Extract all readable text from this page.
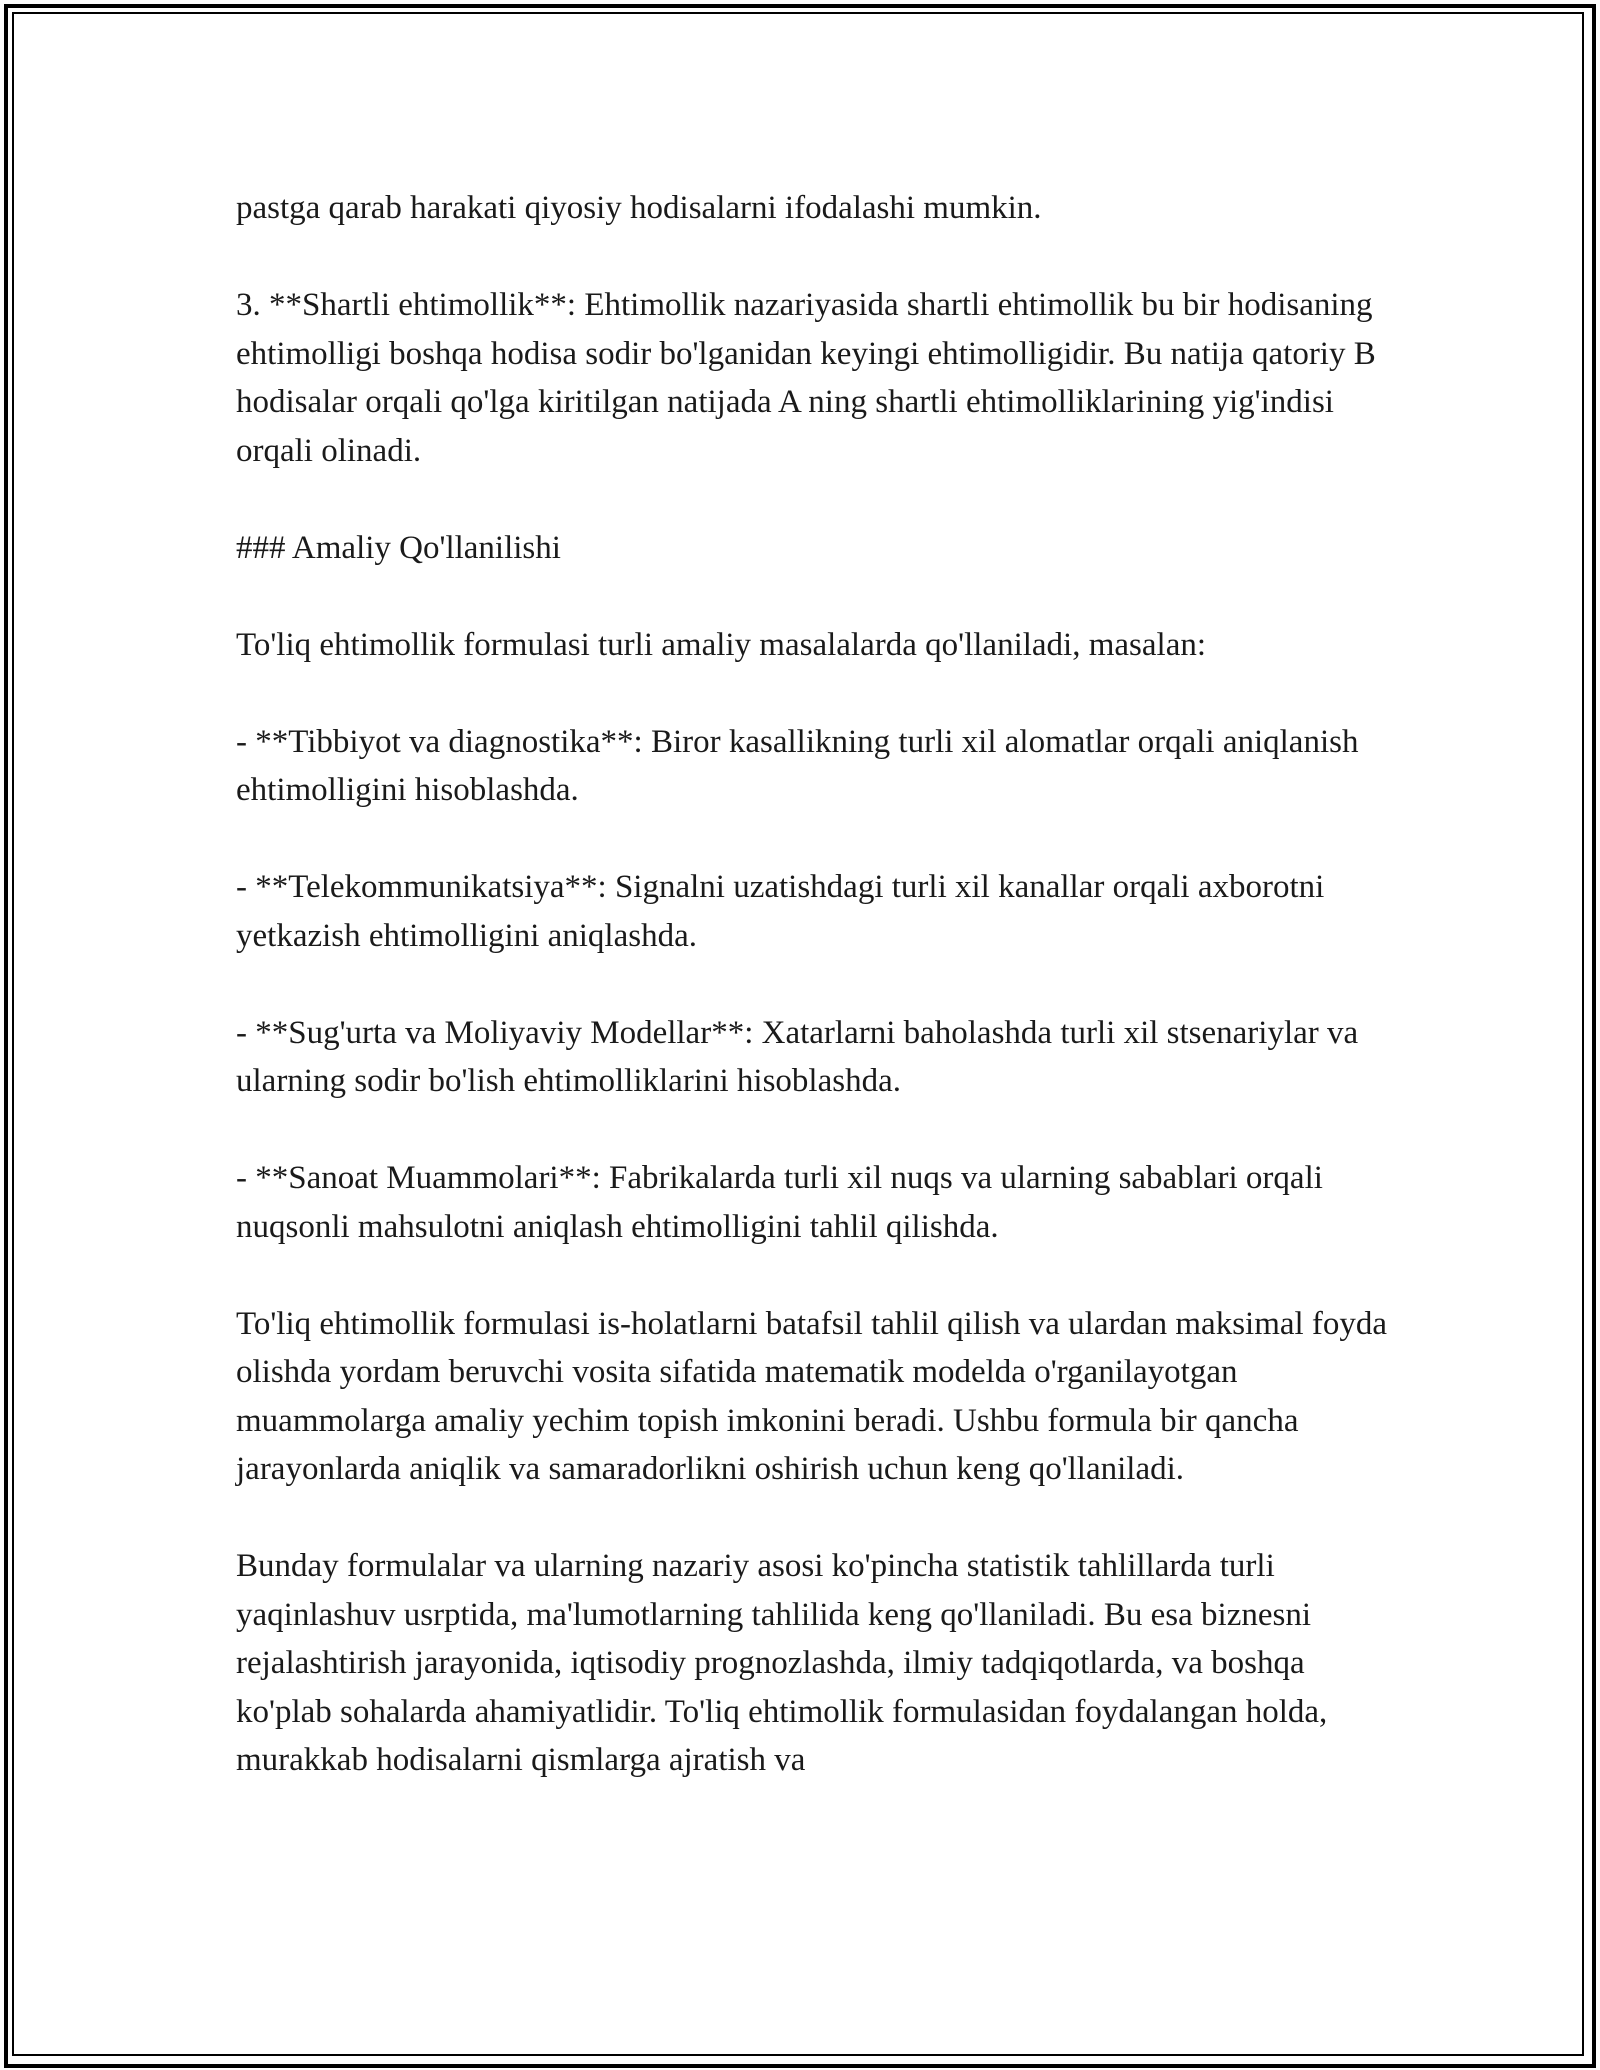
pastga qarab harakati qiyosiy hodisalarni ifodalashi mumkin.

3. **Shartli ehtimollik**: Ehtimollik nazariyasida shartli ehtimollik bu bir hodisaning ehtimolligi boshqa hodisa sodir bo'lganidan keyingi ehtimolligidir. Bu natija qatoriy B hodisalar orqali qo'lga kiritilgan natijada A ning shartli ehtimolliklarining yig'indisi orqali olinadi.

### Amaliy Qo'llanilishi

To'liq ehtimollik formulasi turli amaliy masalalarda qo'llaniladi, masalan:

- **Tibbiyot va diagnostika**: Biror kasallikning turli xil alomatlar orqali aniqlanish ehtimolligini hisoblashda.

- **Telekommunikatsiya**: Signalni uzatishdagi turli xil kanallar orqali axborotni yetkazish ehtimolligini aniqlashda.

- **Sug'urta va Moliyaviy Modellar**: Xatarlarni baholashda turli xil stsenariylar va ularning sodir bo'lish ehtimolliklarini hisoblashda.

- **Sanoat Muammolari**: Fabrikalarda turli xil nuqs va ularning sabablari orqali nuqsonli mahsulotni aniqlash ehtimolligini tahlil qilishda.

To'liq ehtimollik formulasi is-holatlarni batafsil tahlil qilish va ulardan maksimal foyda olishda yordam beruvchi vosita sifatida matematik modelda o'rganilayotgan muammolarga amaliy yechim topish imkonini beradi. Ushbu formula bir qancha jarayonlarda aniqlik va samaradorlikni oshirish uchun keng qo'llaniladi.

Bunday formulalar va ularning nazariy asosi ko'pincha statistik tahlillarda turli yaqinlashuv usrptida, ma'lumotlarning tahlilida keng qo'llaniladi. Bu esa biznesni rejalashtirish jarayonida, iqtisodiy prognozlashda, ilmiy tadqiqotlarda, va boshqa ko'plab sohalarda ahamiyatlidir. To'liq ehtimollik formulasidan foydalangan holda, murakkab hodisalarni qismlarga ajratish va
